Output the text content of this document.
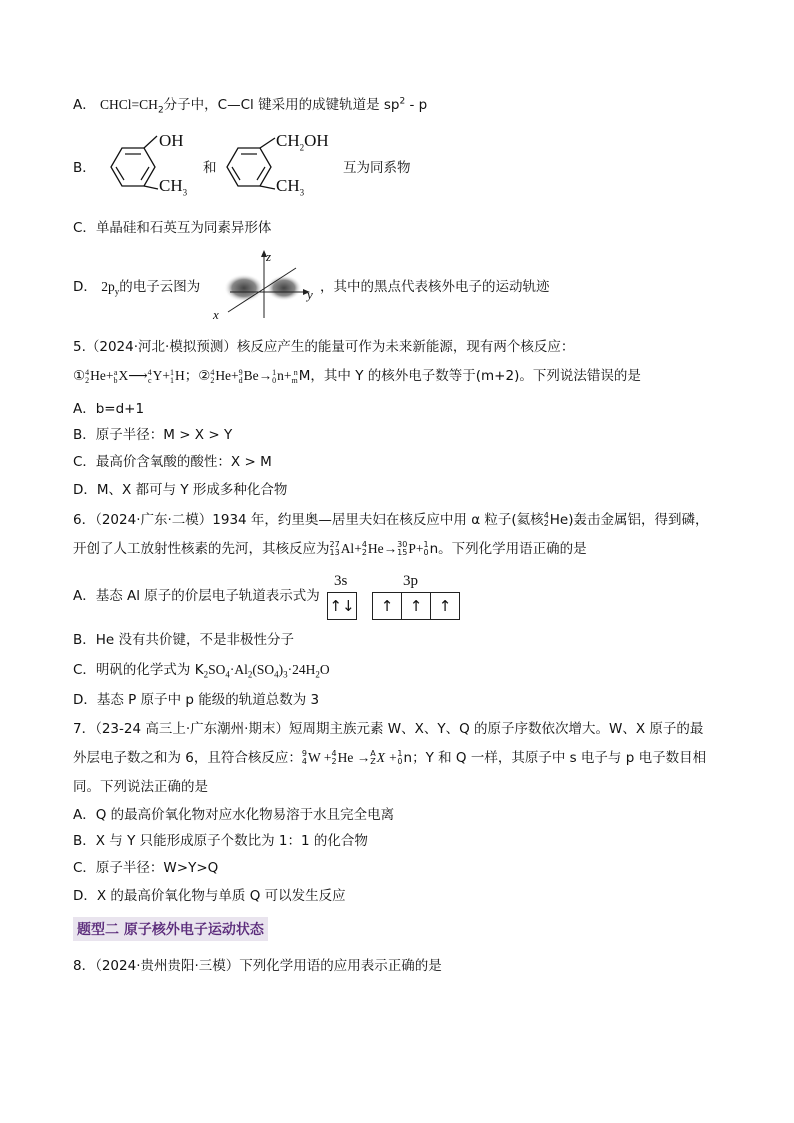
A． $CHCl=CH_2$分子中，C—Cl 键采用的成键轨道是 $sp^2$ - p
B．
OH
$CH_3$
和
$CH_2OH$
$CH_3$
互为同系物
C．单晶硅和石英互为同素异形体
D． $2p_y$的电子云图为
z
y
x
，其中的黑点代表核外电子的运动轨迹
5.（2024·河北·模拟预测）核反应产生的能量可作为未来新能源，现有两个核反应：
① 4
2 He+ a
b X⟶ 4
c Y+ 1
1 H；② 4
2 He+ 9
d Be→ 1
0 n+ n
m M，其中 Y 的核外电子数等于(m+2)。下列说法错误的是
A．b=d+1
B．原子半径：M > X > Y
C．最高价含氧酸的酸性：X > M
D．M、X 都可与 Y 形成多种化合物
6．（2024·广东·二模）1934 年，约里奥—居里夫妇在核反应中用 α 粒子(氦核 4
2 He)轰击金属铝，得到磷，
开创了人工放射性核素的先河，其核反应为 27
13 Al+ 4
2 He→ 30
15 P+ 1
0 n。下列化学用语正确的是
A．基态 Al 原子的价层电子轨道表示式为
3s	3p
↑↓	↑	↑	↑
B．He 没有共价键，不是非极性分子
C．明矾的化学式为 $K_2SO_4\cdot Al_2(SO_4)_3\cdot 24H_2O$
D．基态 P 原子中 p 能级的轨道总数为 3
7．（23-24 高三上·广东潮州·期末）短周期主族元素 W、X、Y、Q 的原子序数依次增大。W、X 原子的最
外层电子数之和为 6，且符合核反应： 9
4 W + 4
2 He → A
Z X + 1
0 n；Y 和 Q 一样，其原子中 s 电子与 p 电子数目相
同。下列说法正确的是
A．Q 的最高价氧化物对应水化物易溶于水且完全电离
B．X 与 Y 只能形成原子个数比为 1：1 的化合物
C．原子半径：W>Y>Q
D．X 的最高价氧化物与单质 Q 可以发生反应
题型二 原子核外电子运动状态
8．（2024·贵州贵阳·三模）下列化学用语的应用表示正确的是
